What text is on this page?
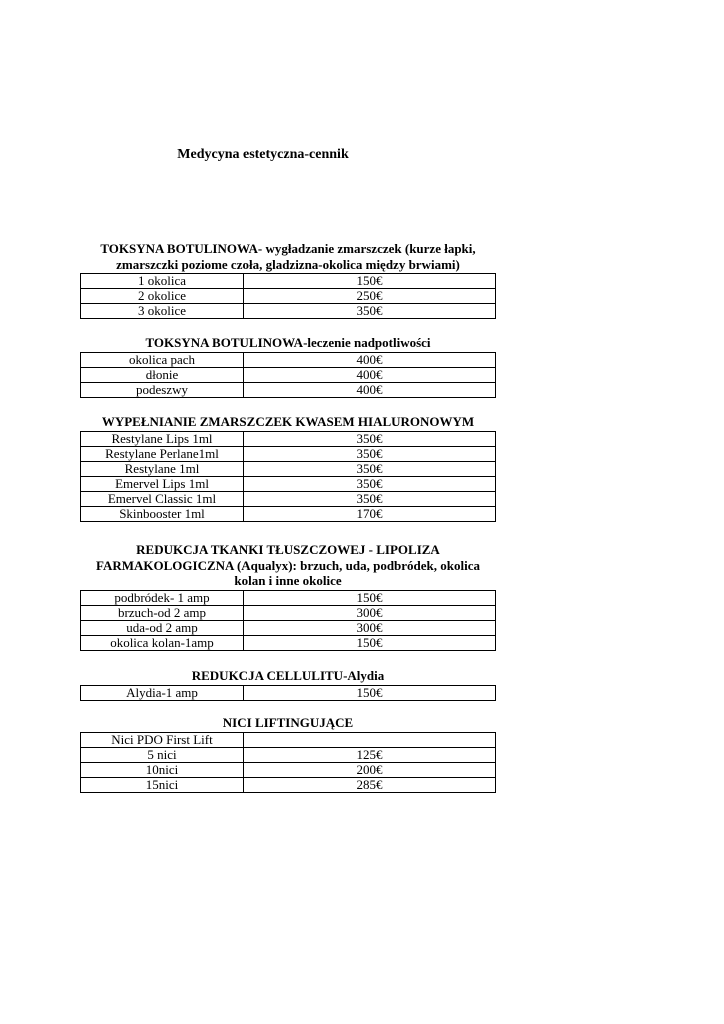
Medycyna estetyczna-cennik
TOKSYNA BOTULINOWA- wygładzanie zmarszczek (kurze łapki,
zmarszczki poziome czoła, gladzizna-okolica między brwiami)
1 okolica	150€
2 okolice	250€
3 okolice	350€
TOKSYNA BOTULINOWA-leczenie nadpotliwości
okolica pach	400€
dłonie	400€
podeszwy	400€
WYPEŁNIANIE ZMARSZCZEK KWASEM HIALURONOWYM
Restylane Lips 1ml	350€
Restylane Perlane1ml	350€
Restylane 1ml	350€
Emervel Lips 1ml	350€
Emervel Classic 1ml	350€
Skinbooster 1ml	170€
REDUKCJA TKANKI TŁUSZCZOWEJ - LIPOLIZA
FARMAKOLOGICZNA (Aqualyx): brzuch, uda, podbródek, okolica
kolan i inne okolice
podbródek- 1 amp	150€
brzuch-od 2 amp	300€
uda-od 2 amp	300€
okolica kolan-1amp	150€
REDUKCJA CELLULITU-Alydia
Alydia-1 amp	150€
NICI LIFTINGUJĄCE
Nici PDO First Lift	
5 nici	125€
10nici	200€
15nici	285€
